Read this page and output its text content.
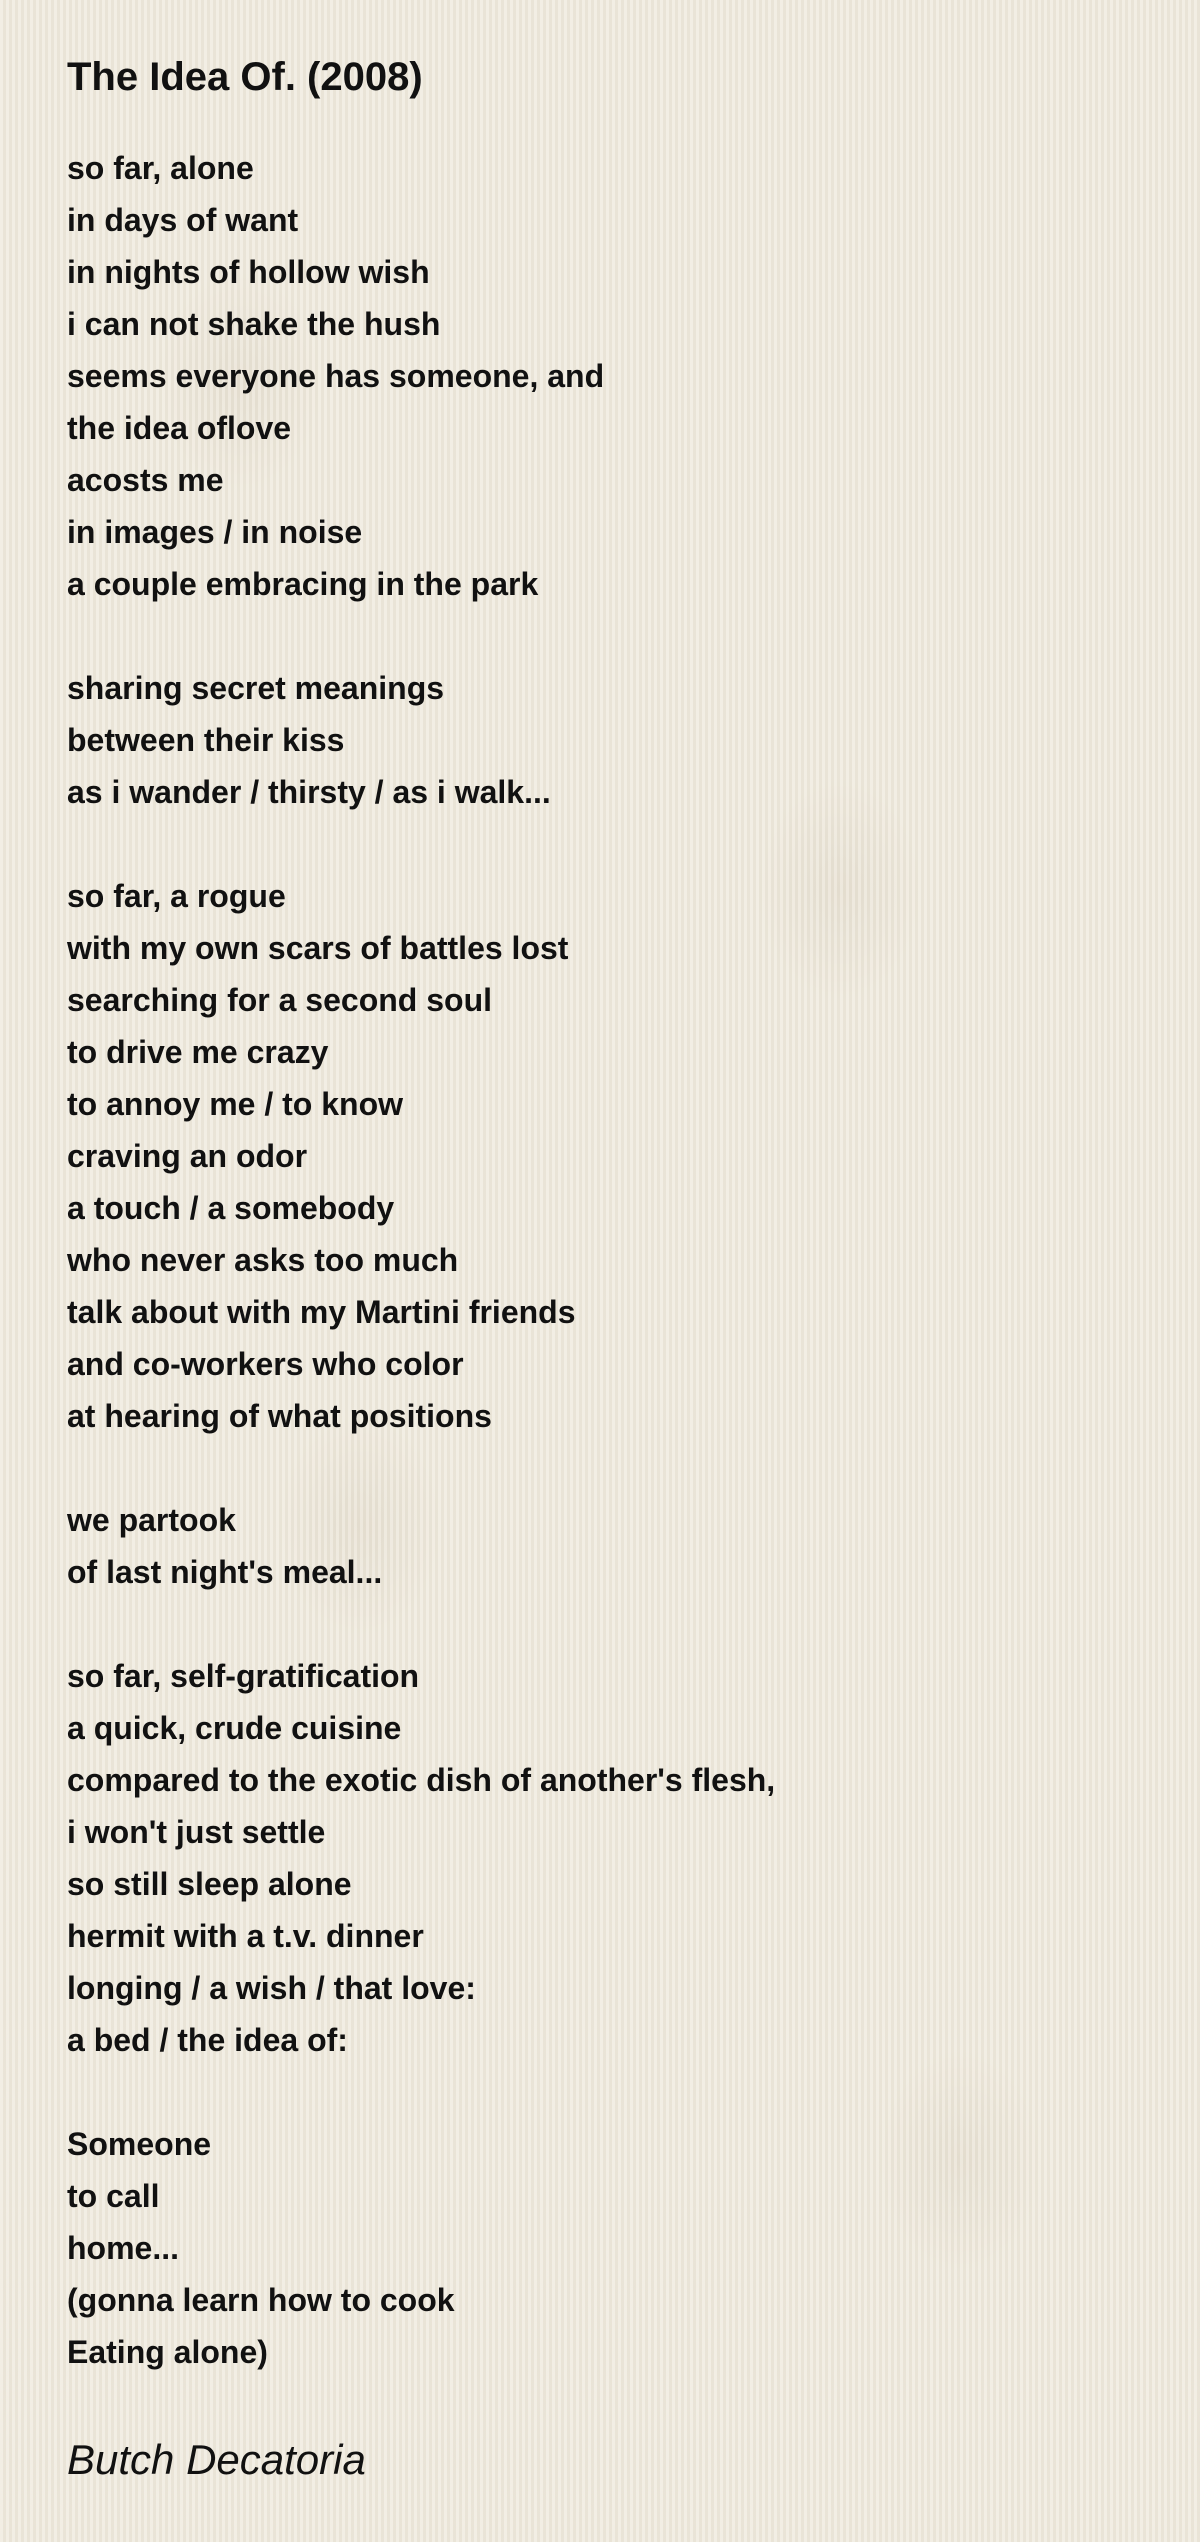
The Idea Of. (2008)
so far, alone
in days of want
in nights of hollow wish
i can not shake the hush
seems everyone has someone, and
the idea oflove
acosts me
in images / in noise
a couple embracing in the park
sharing secret meanings
between their kiss
as i wander / thirsty / as i walk...
so far, a rogue
with my own scars of battles lost
searching for a second soul
to drive me crazy
to annoy me / to know
craving an odor
a touch / a somebody
who never asks too much
talk about with my Martini friends
and co-workers who color
at hearing of what positions
we partook
of last night's meal...
so far, self-gratification
a quick, crude cuisine
compared to the exotic dish of another's flesh,
i won't just settle
so still sleep alone
hermit with a t.v. dinner
longing / a wish / that love:
a bed / the idea of:
Someone
to call
home...
(gonna learn how to cook
Eating alone)
Butch Decatoria
